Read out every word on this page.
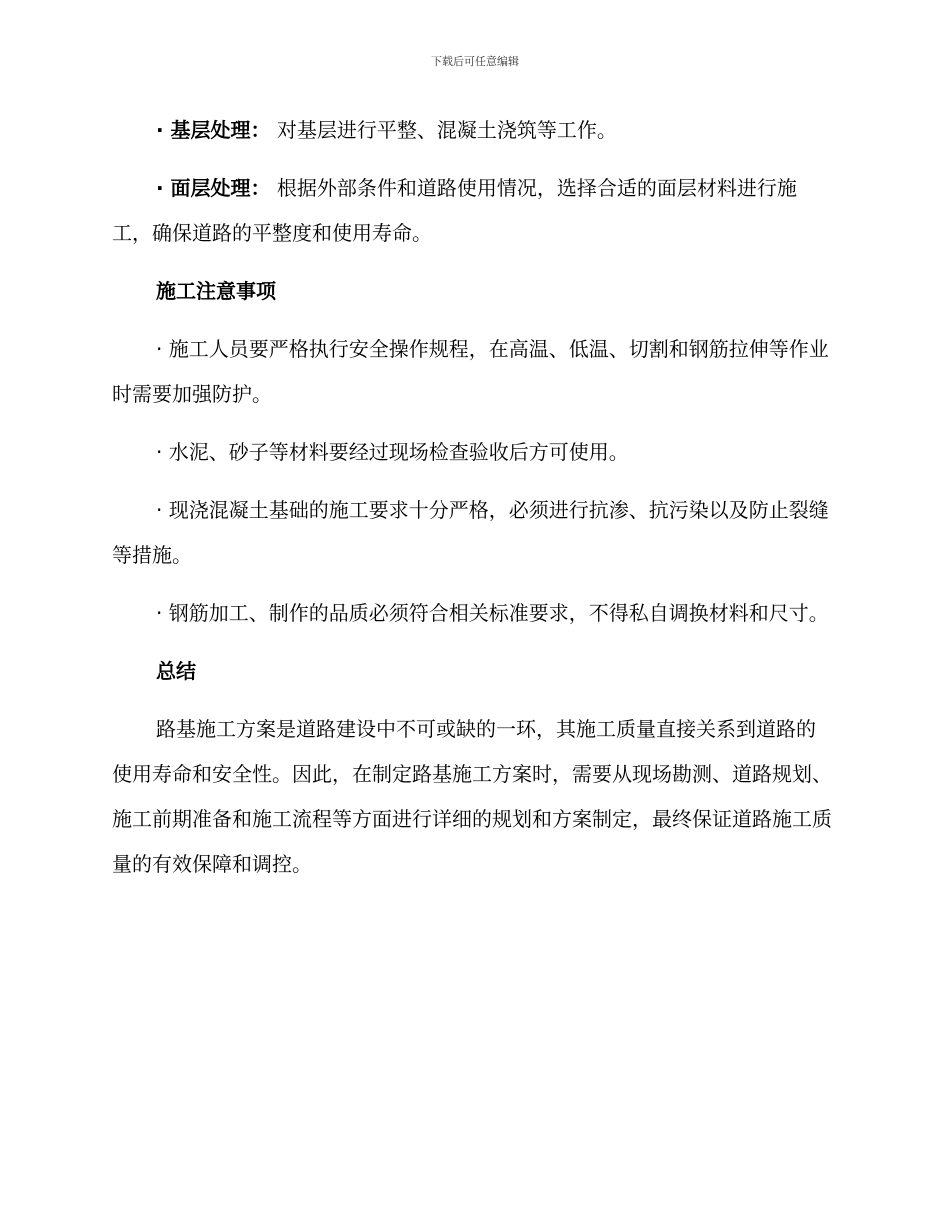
下载后可任意编辑

· 基层处理： 对基层进行平整、混凝土浇筑等工作。

· 面层处理： 根据外部条件和道路使用情况，选择合适的面层材料进行施工，确保道路的平整度和使用寿命。

施工注意事项

· 施工人员要严格执行安全操作规程，在高温、低温、切割和钢筋拉伸等作业时需要加强防护。

· 水泥、砂子等材料要经过现场检查验收后方可使用。

· 现浇混凝土基础的施工要求十分严格，必须进行抗渗、抗污染以及防止裂缝等措施。

· 钢筋加工、制作的品质必须符合相关标准要求，不得私自调换材料和尺寸。

总结

路基施工方案是道路建设中不可或缺的一环，其施工质量直接关系到道路的使用寿命和安全性。因此，在制定路基施工方案时，需要从现场勘测、道路规划、施工前期准备和施工流程等方面进行详细的规划和方案制定，最终保证道路施工质量的有效保障和调控。
